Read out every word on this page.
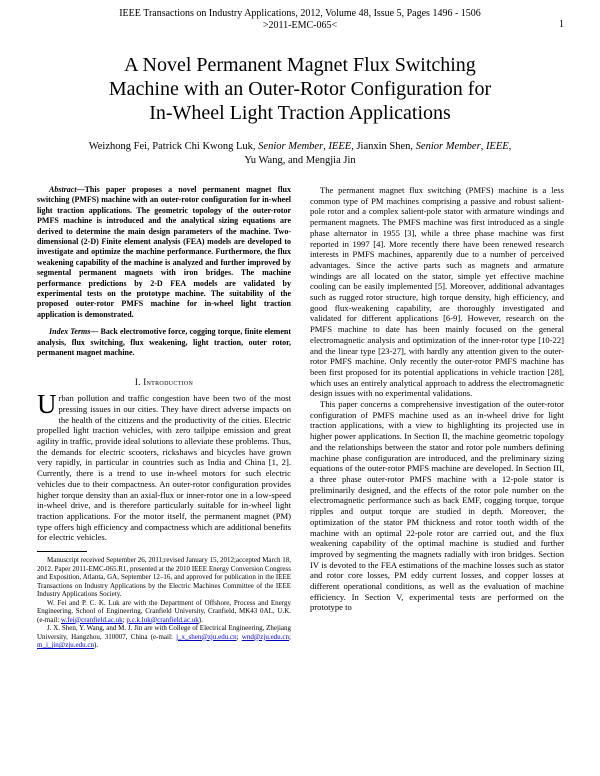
IEEE Transactions on Industry Applications, 2012, Volume 48, Issue 5, Pages 1496 - 1506
>2011-EMC-065<	1
A Novel Permanent Magnet Flux Switching
Machine with an Outer-Rotor Configuration for
In-Wheel Light Traction Applications
Weizhong Fei, Patrick Chi Kwong Luk, Senior Member, IEEE, Jianxin Shen, Senior Member, IEEE,
Yu Wang, and Mengjia Jin

Abstract—This paper proposes a novel permanent magnet flux switching (PMFS) machine with an outer-rotor configuration for in-wheel light traction applications. The geometric topology of the outer-rotor PMFS machine is introduced and the analytical sizing equations are derived to determine the main design parameters of the machine. Two-dimensional (2-D) Finite element analysis (FEA) models are developed to investigate and optimize the machine performance. Furthermore, the flux weakening capability of the machine is analyzed and further improved by segmental permanent magnets with iron bridges. The machine performance predictions by 2-D FEA models are validated by experimental tests on the prototype machine. The suitability of the proposed outer-rotor PMFS machine for in-wheel light traction application is demonstrated.

Index Terms— Back electromotive force, cogging torque, finite element analysis, flux switching, flux weakening, light traction, outer rotor, permanent magnet machine.

I. Introduction

Urban pollution and traffic congestion have been two of the most pressing issues in our cities. They have direct adverse impacts on the health of the citizens and the productivity of the cities. Electric propelled light traction vehicles, with zero tailpipe emission and great agility in traffic, provide ideal solutions to alleviate these problems. Thus, the demands for electric scooters, rickshaws and bicycles have grown very rapidly, in particular in countries such as India and China [1, 2]. Currently, there is a trend to use in-wheel motors for such electric vehicles due to their compactness. An outer-rotor configuration provides higher torque density than an axial-flux or inner-rotor one in a low-speed in-wheel drive, and is therefore particularly suitable for in-wheel light traction applications. For the motor itself, the permanent magnet (PM) type offers high efficiency and compactness which are additional benefits for electric vehicles.

Manuscript received September 26, 2011;revised January 15, 2012;accepted March 18, 2012. Paper 2011-EMC-065.R1, presented at the 2010 IEEE Energy Conversion Congress and Exposition, Atlanta, GA, September 12–16, and approved for publication in the IEEE Transactions on Industry Applications by the Electric Machines Committee of the IEEE Industry Applications Society.

W. Fei and P. C. K. Luk are with the Department of Offshore, Process and Energy Engineering, School of Engineering, Cranfield University, Cranfield, MK43 0AL, U.K. (e-mail: w.fei@cranfield.ac.uk; p.c.k.luk@cranfield.ac.uk).

J. X. Shen, Y. Wang, and M. J. Jin are with College of Electrical Engineering, Zhejiang University, Hangzhou, 310007, China (e-mail: j_x_shen@zju.edu.cn; wnd@zju.edu.cn; m_j_jin@zju.edu.cn).

The permanent magnet flux switching (PMFS) machine is a less common type of PM machines comprising a passive and robust salient-pole rotor and a complex salient-pole stator with armature windings and permanent magnets. The PMFS machine was first introduced as a single phase alternator in 1955 [3], while a three phase machine was first reported in 1997 [4]. More recently there have been renewed research interests in PMFS machines, apparently due to a number of perceived advantages. Since the active parts such as magnets and armature windings are all located on the stator, simple yet effective machine cooling can be easily implemented [5]. Moreover, additional advantages such as rugged rotor structure, high torque density, high efficiency, and good flux-weakening capability, are thoroughly investigated and validated for different applications [6-9]. However, research on the PMFS machine to date has been mainly focused on the general electromagnetic analysis and optimization of the inner-rotor type [10-22] and the linear type [23-27], with hardly any attention given to the outer-rotor PMFS machine. Only recently the outer-rotor PMFS machine has been first proposed for its potential applications in vehicle traction [28], which uses an entirely analytical approach to address the electromagnetic design issues with no experimental validations.

This paper concerns a comprehensive investigation of the outer-rotor configuration of PMFS machine used as an in-wheel drive for light traction applications, with a view to highlighting its projected use in higher power applications. In Section II, the machine geometric topology and the relationships between the stator and rotor pole numbers defining machine phase configuration are introduced, and the preliminary sizing equations of the outer-rotor PMFS machine are developed. In Section III, a three phase outer-rotor PMFS machine with a 12-pole stator is preliminarily designed, and the effects of the rotor pole number on the electromagnetic performance such as back EMF, cogging torque, torque ripples and output torque are studied in depth. Moreover, the optimization of the stator PM thickness and rotor tooth width of the machine with an optimal 22-pole rotor are carried out, and the flux weakening capability of the optimal machine is studied and further improved by segmenting the magnets radially with iron bridges. Section IV is devoted to the FEA estimations of the machine losses such as stator and rotor core losses, PM eddy current losses, and copper losses at different operational conditions, as well as the evaluation of machine efficiency. In Section V, experimental tests are performed on the prototype to
